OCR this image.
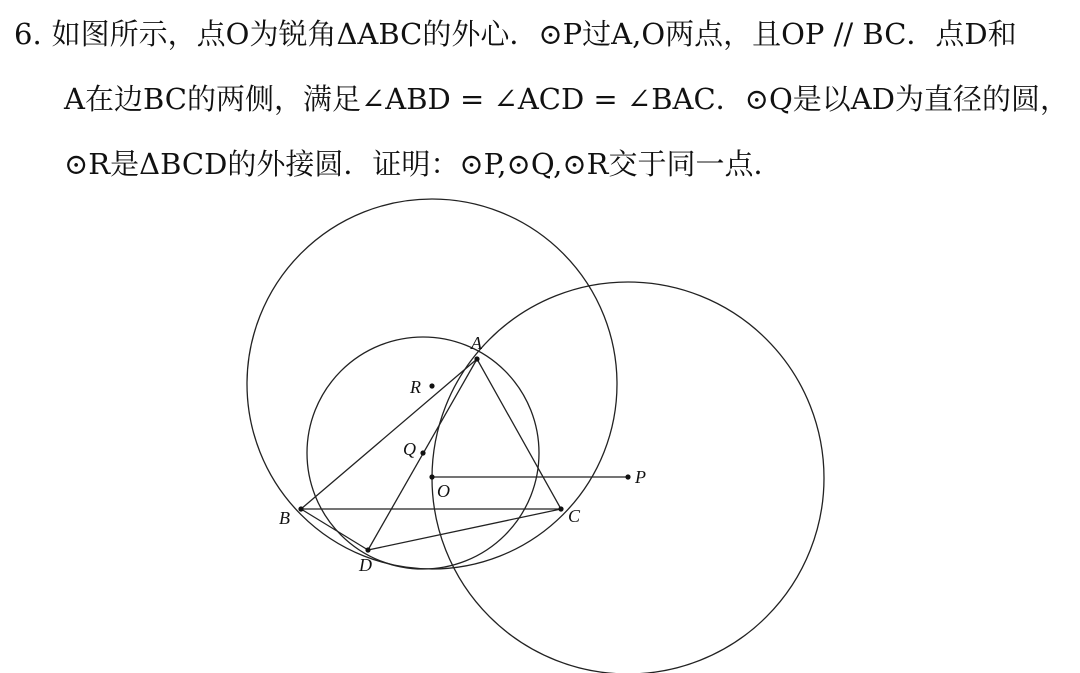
6. 如图所示，点O为锐角ΔABC的外心．⊙P过A,O两点，且OP // BC．点D和
A在边BC的两侧，满足∠ABD = ∠ACD = ∠BAC．⊙Q是以AD为直径的圆，
⊙R是ΔBCD的外接圆．证明：⊙P,⊙Q,⊙R交于同一点．
A
B	C
D
O
P
Q
R
